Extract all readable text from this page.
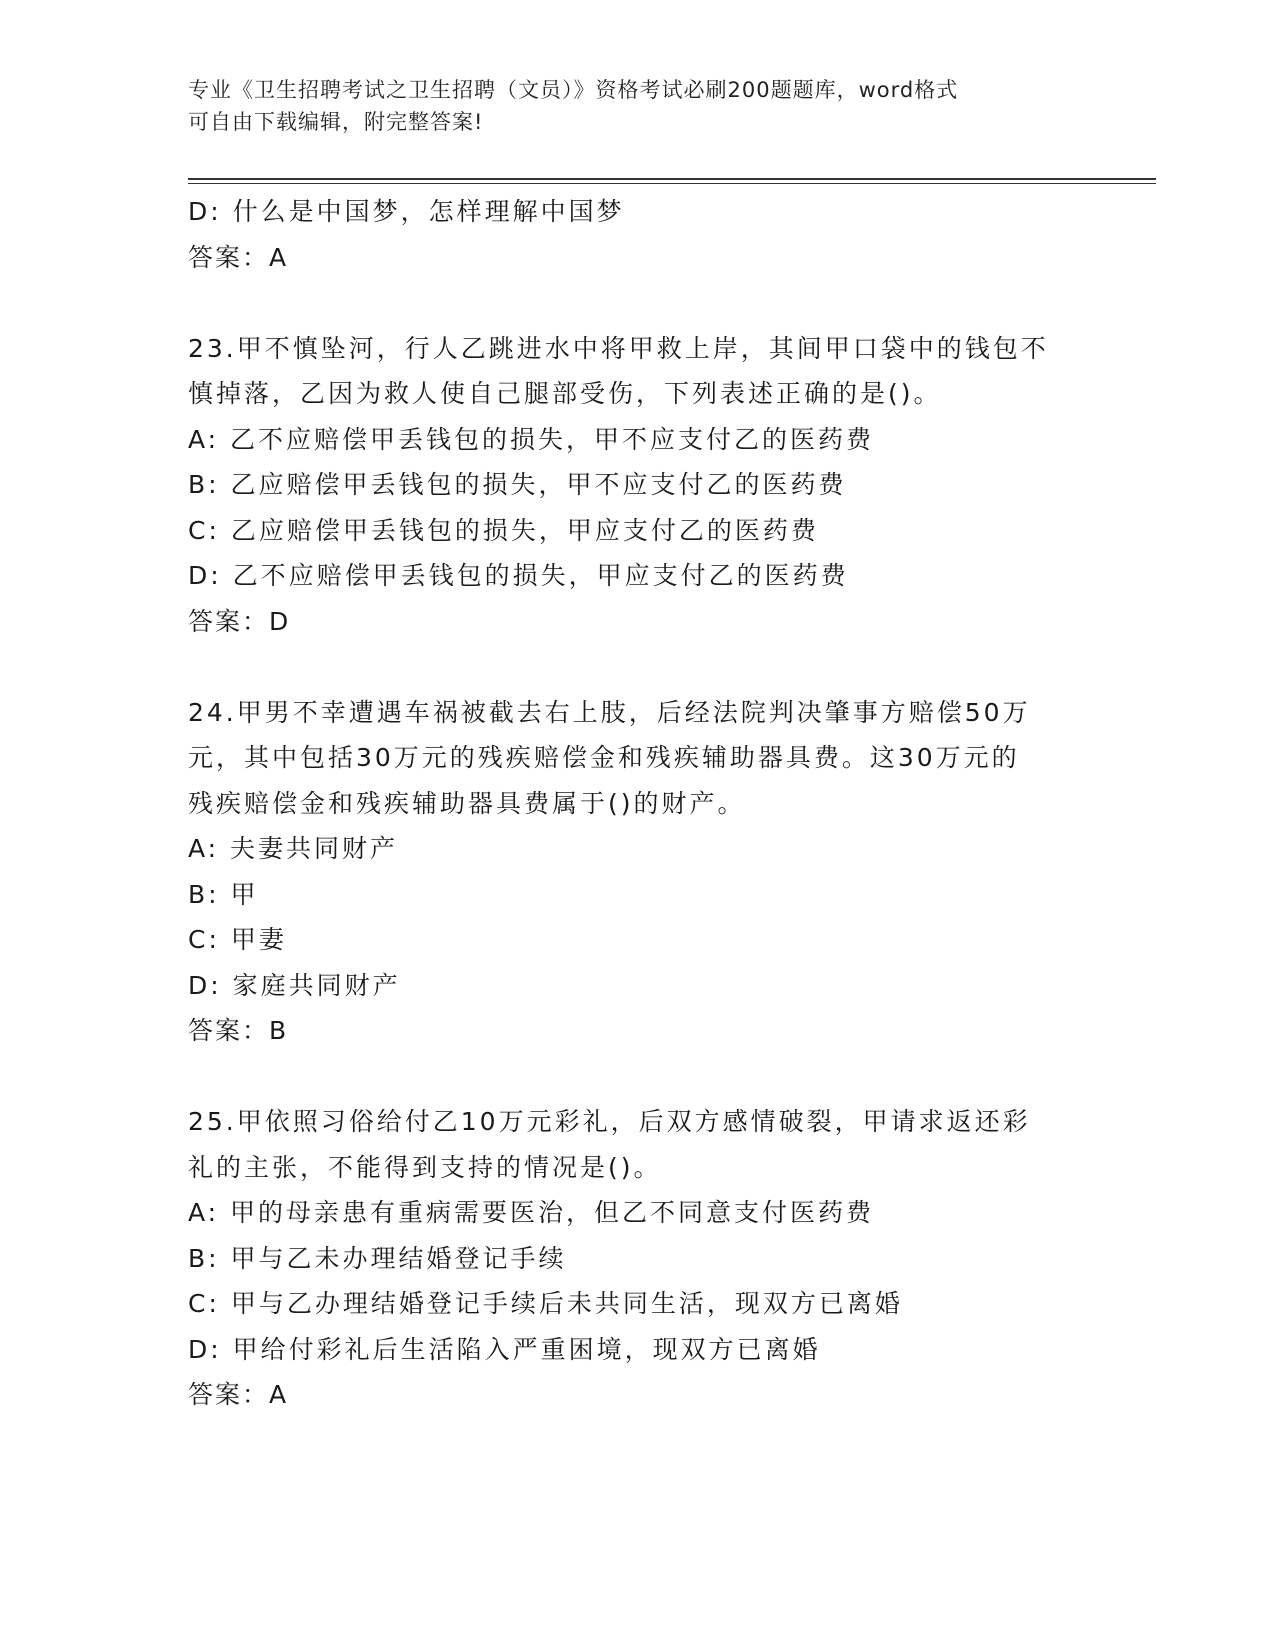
专业《卫生招聘考试之卫生招聘（文员）》资格考试必刷200题题库，word格式
可自由下载编辑，附完整答案!
D: 什么是中国梦，怎样理解中国梦
答案：A
23.甲不慎坠河，行人乙跳进水中将甲救上岸，其间甲口袋中的钱包不
慎掉落，乙因为救人使自己腿部受伤，下列表述正确的是()。
A: 乙不应赔偿甲丢钱包的损失，甲不应支付乙的医药费
B: 乙应赔偿甲丢钱包的损失，甲不应支付乙的医药费
C: 乙应赔偿甲丢钱包的损失，甲应支付乙的医药费
D: 乙不应赔偿甲丢钱包的损失，甲应支付乙的医药费
答案：D
24.甲男不幸遭遇车祸被截去右上肢，后经法院判决肇事方赔偿50万
元，其中包括30万元的残疾赔偿金和残疾辅助器具费。这30万元的
残疾赔偿金和残疾辅助器具费属于()的财产。
A: 夫妻共同财产
B: 甲
C: 甲妻
D: 家庭共同财产
答案：B
25.甲依照习俗给付乙10万元彩礼，后双方感情破裂，甲请求返还彩
礼的主张，不能得到支持的情况是()。
A: 甲的母亲患有重病需要医治，但乙不同意支付医药费
B: 甲与乙未办理结婚登记手续
C: 甲与乙办理结婚登记手续后未共同生活，现双方已离婚
D: 甲给付彩礼后生活陷入严重困境，现双方已离婚
答案：A
